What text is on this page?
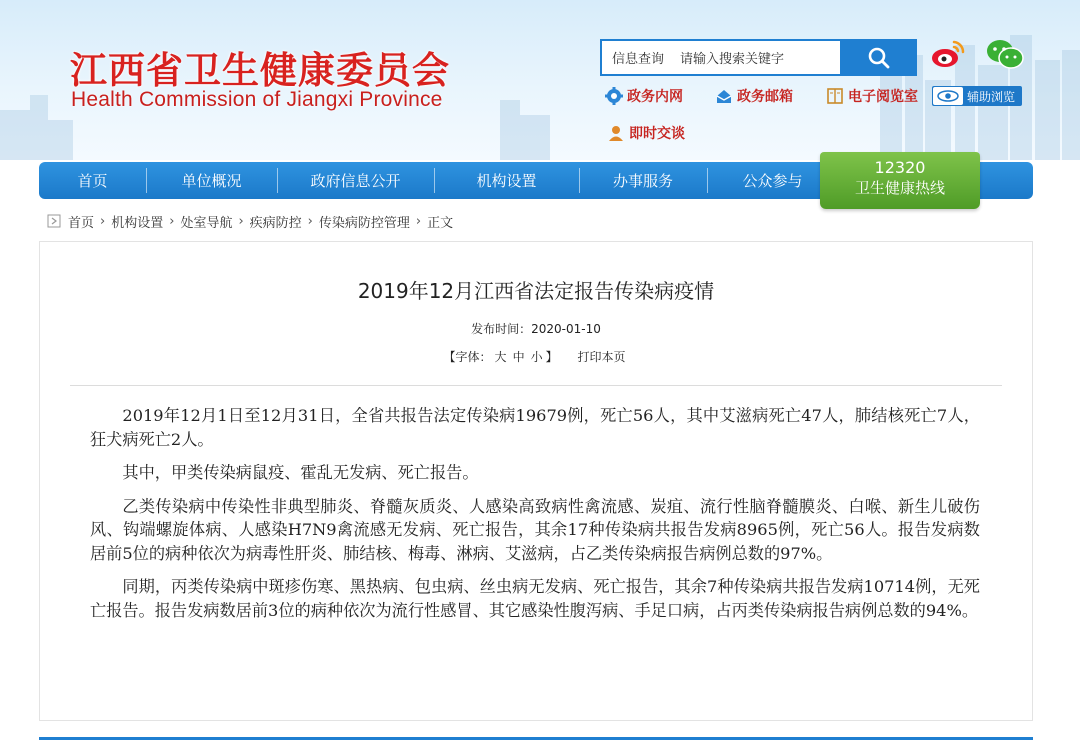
江西省卫生健康委员会
Health Commission of Jiangxi Province
信息查询 请输入搜索关键字
政务内网	政务邮箱	电子阅览室	辅助浏览
即时交谈
首页	单位概况	政府信息公开	机构设置	办事服务	公众参与
12320
卫生健康热线
首页 › 机构设置 › 处室导航 › 疾病防控 › 传染病防控管理 › 正文
2019年12月江西省法定报告传染病疫情
发布时间：2020-01-10
【字体： 大 中 小 】 打印本页

2019年12月1日至12月31日，全省共报告法定传染病19679例，死亡56人，其中艾滋病死亡47人，肺结核死亡7人，狂犬病死亡2人。

其中，甲类传染病鼠疫、霍乱无发病、死亡报告。

乙类传染病中传染性非典型肺炎、脊髓灰质炎、人感染高致病性禽流感、炭疽、流行性脑脊髓膜炎、白喉、新生儿破伤风、钩端螺旋体病、人感染H7N9禽流感无发病、死亡报告，其余17种传染病共报告发病8965例，死亡56人。报告发病数居前5位的病种依次为病毒性肝炎、肺结核、梅毒、淋病、艾滋病，占乙类传染病报告病例总数的97%。

同期，丙类传染病中斑疹伤寒、黑热病、包虫病、丝虫病无发病、死亡报告，其余7种传染病共报告发病10714例，无死亡报告。报告发病数居前3位的病种依次为流行性感冒、其它感染性腹泻病、手足口病，占丙类传染病报告病例总数的94%。
